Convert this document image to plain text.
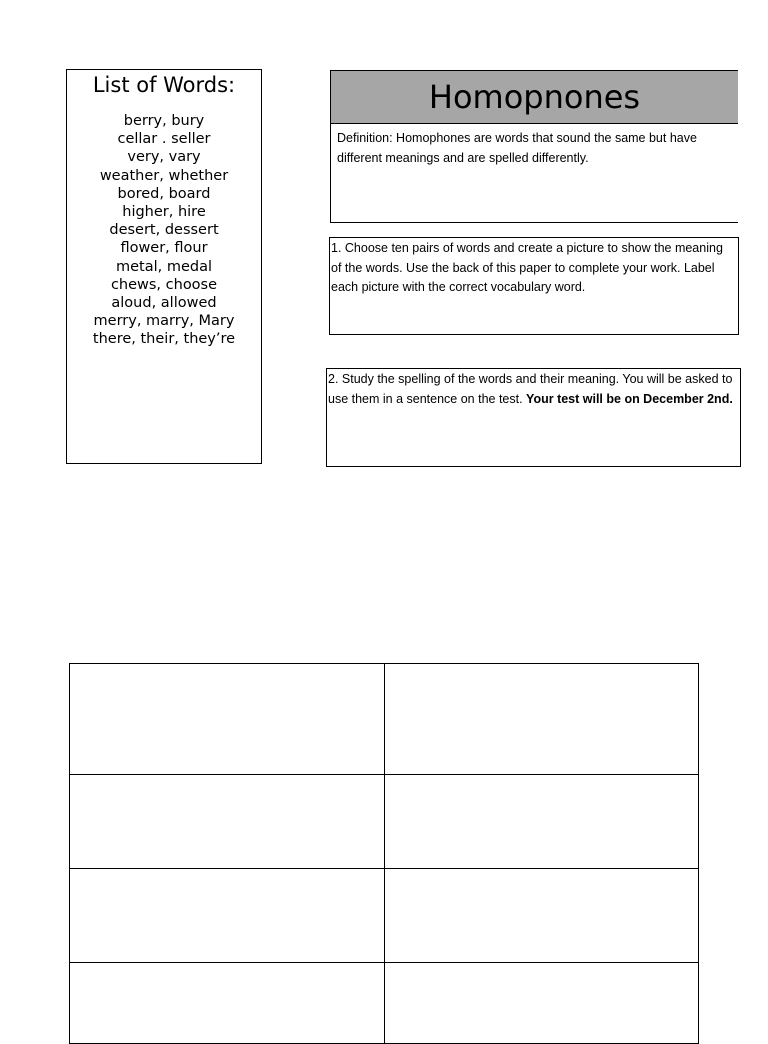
List of Words:
berry, bury
cellar . seller
very, vary
weather, whether
bored, board
higher, hire
desert, dessert
flower, flour
metal, medal
chews, choose
aloud, allowed
merry, marry, Mary
there, their, they’re
Homopnones
Definition: Homophones are words that sound the same but have different meanings and are spelled differently.
1. Choose ten pairs of words and create a picture to show the meaning of the words. Use the back of this paper to complete your work. Label each picture with the correct vocabulary word.
2. Study the spelling of the words and their meaning. You will be asked to use them in a sentence on the test. Your test will be on December 2nd.
